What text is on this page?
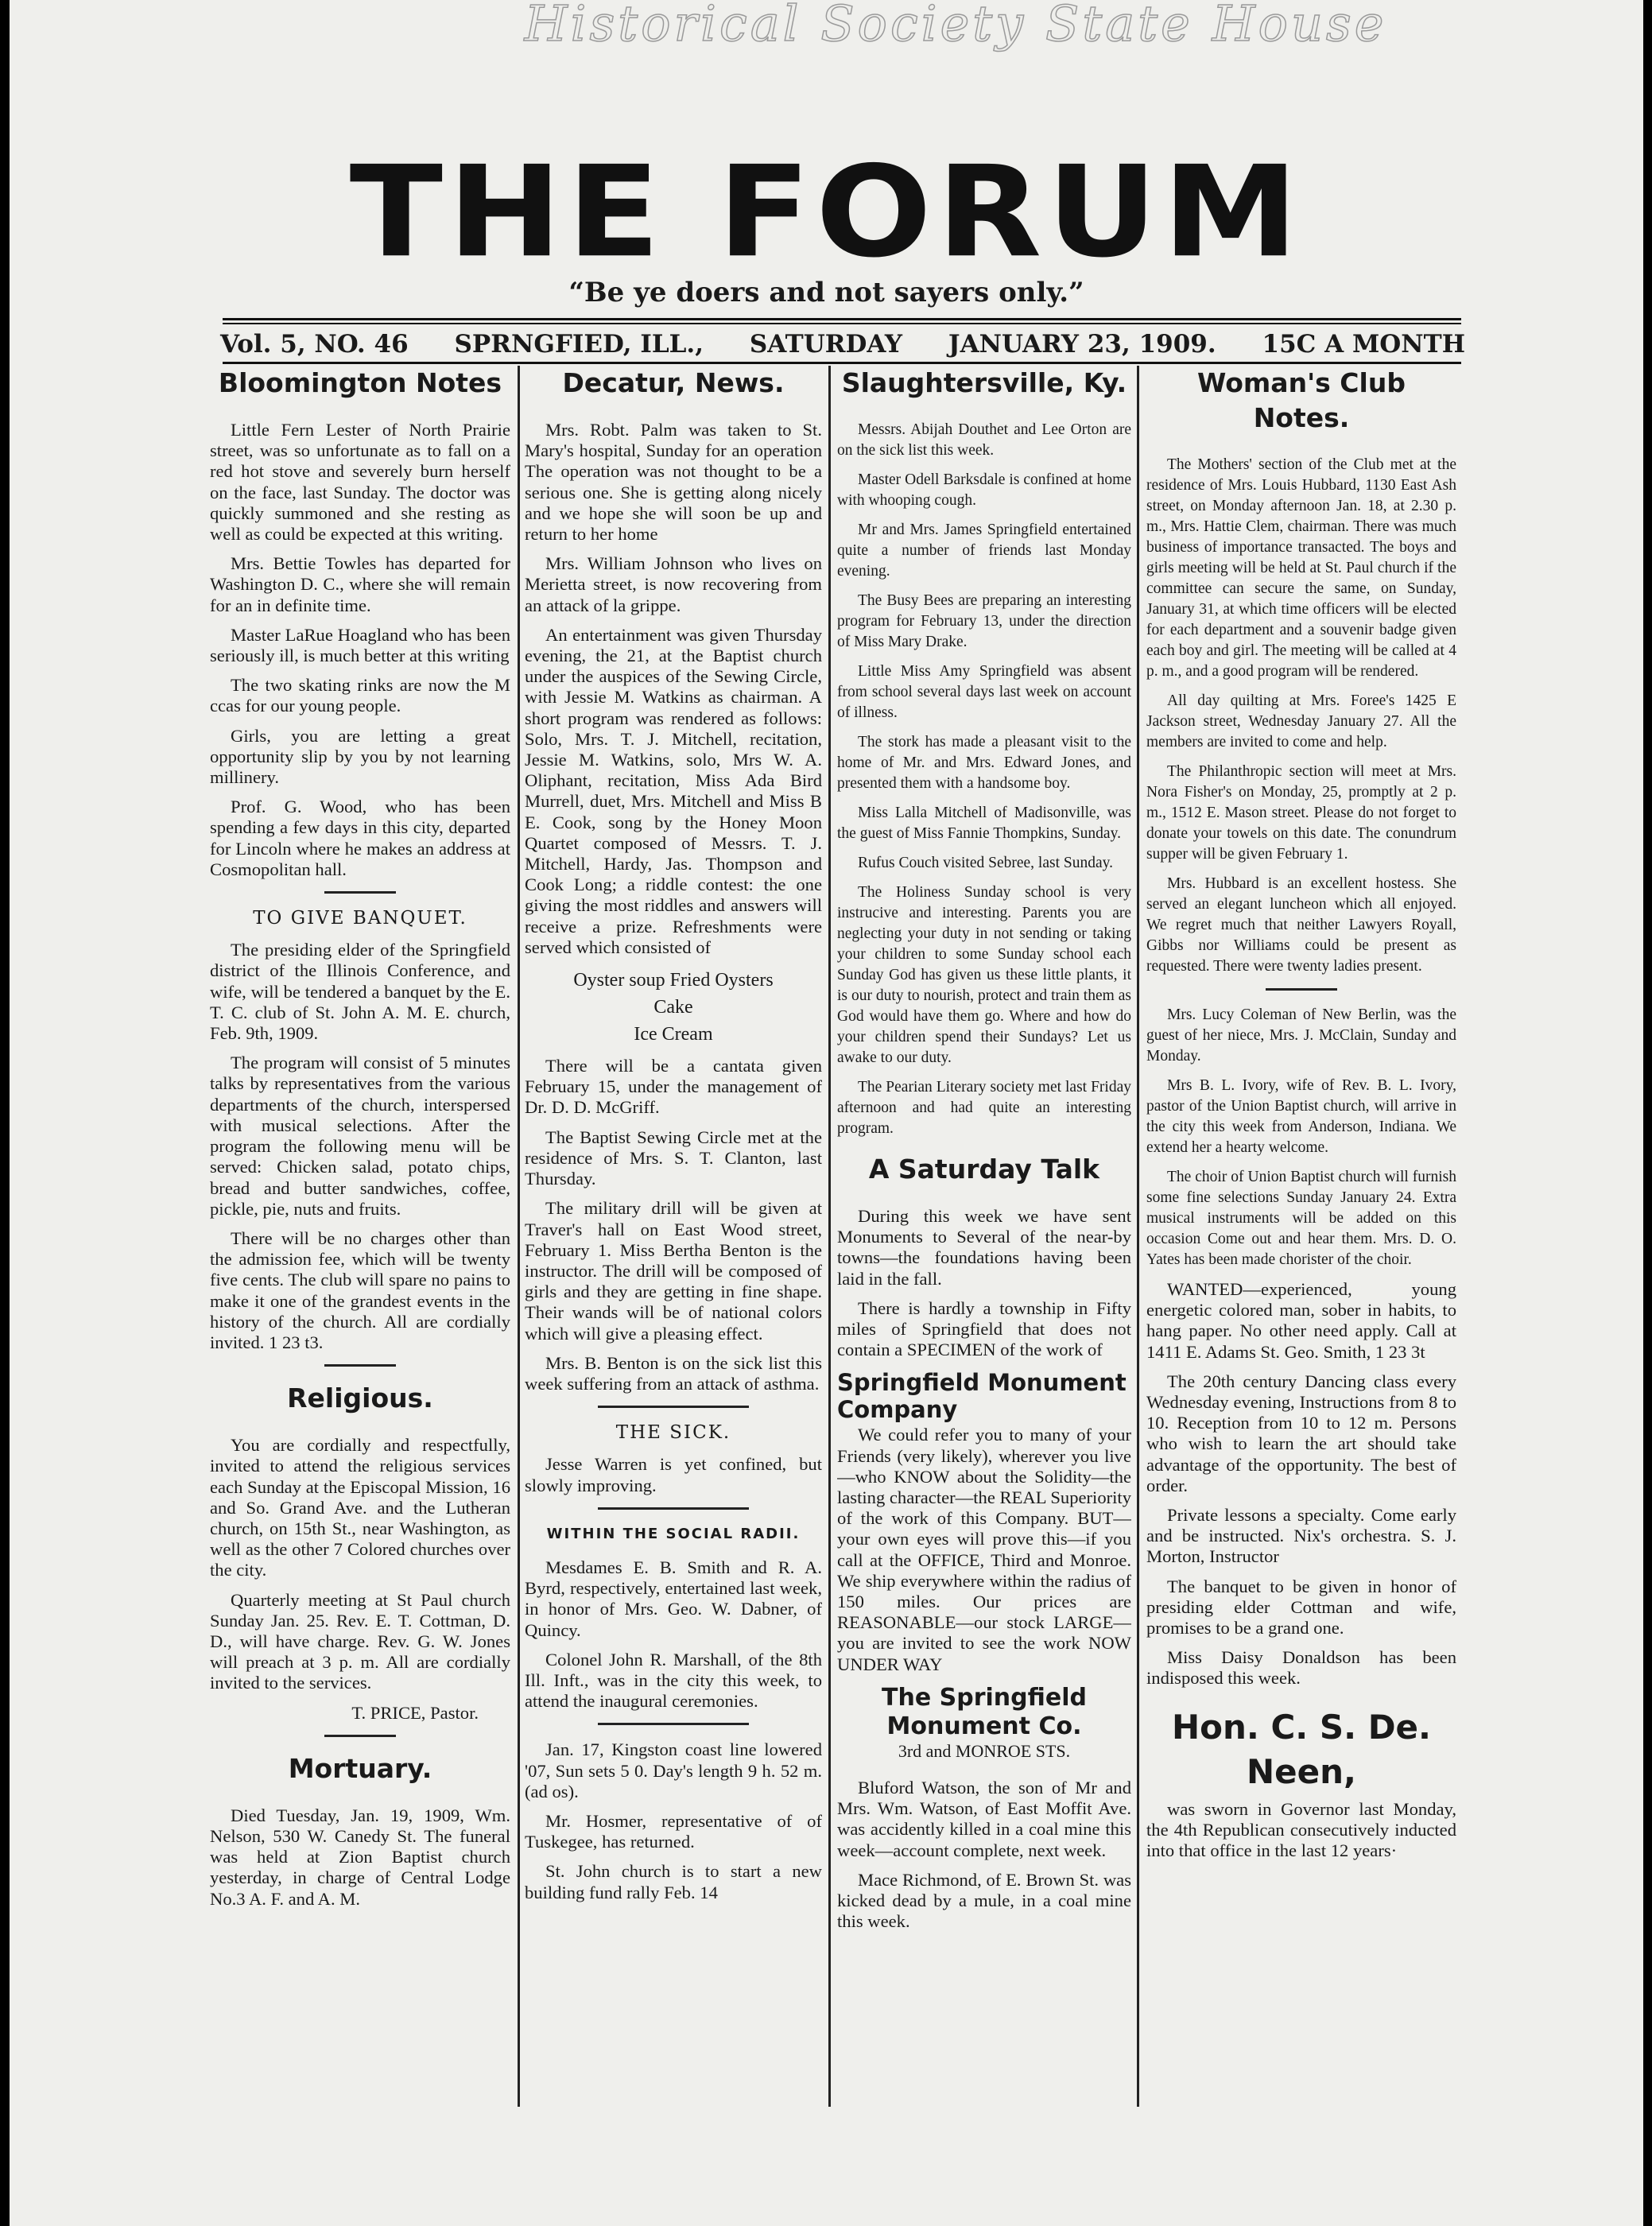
Historical Society State House
THE FORUM
“Be ye doers and not sayers only.”
Vol. 5, NO. 46 SPRNGFIED, ILL., SATURDAY JANUARY 23, 1909. 15C A MONTH
Bloomington Notes

Little Fern Lester of North Prairie street, was so unfortunate as to fall on a red hot stove and severely burn herself on the face, last Sunday. The doctor was quickly summoned and she resting as well as could be expected at this writing.

Mrs. Bettie Towles has departed for Washington D. C., where she will remain for an in definite time.

Master LaRue Hoagland who has been seriously ill, is much better at this writing

The two skating rinks are now the M ccas for our young people.

Girls, you are letting a great opportunity slip by you by not learning millinery.

Prof. G. Wood, who has been spending a few days in this city, departed for Lincoln where he makes an address at Cosmopolitan hall.

TO GIVE BANQUET.

The presiding elder of the Springfield district of the Illinois Conference, and wife, will be tendered a banquet by the E. T. C. club of St. John A. M. E. church, Feb. 9th, 1909.

The program will consist of 5 minutes talks by representatives from the various departments of the church, interspersed with musical selections. After the program the following menu will be served: Chicken salad, potato chips, bread and butter sandwiches, coffee, pickle, pie, nuts and fruits.

There will be no charges other than the admission fee, which will be twenty five cents. The club will spare no pains to make it one of the grandest events in the history of the church. All are cordially invited. 1 23 t3.

Religious.

You are cordially and respectfully, invited to attend the religious services each Sunday at the Episcopal Mission, 16 and So. Grand Ave. and the Lutheran church, on 15th St., near Washington, as well as the other 7 Colored churches over the city.

Quarterly meeting at St Paul church Sunday Jan. 25. Rev. E. T. Cottman, D. D., will have charge. Rev. G. W. Jones will preach at 3 p. m. All are cordially invited to the services.

T. PRICE, Pastor.

Mortuary.

Died Tuesday, Jan. 19, 1909, Wm. Nelson, 530 W. Canedy St. The funeral was held at Zion Baptist church yesterday, in charge of Central Lodge No.3 A. F. and A. M.

Decatur, News.

Mrs. Robt. Palm was taken to St. Mary's hospital, Sunday for an operation The operation was not thought to be a serious one. She is getting along nicely and we hope she will soon be up and return to her home

Mrs. William Johnson who lives on Merietta street, is now recovering from an attack of la grippe.

An entertainment was given Thursday evening, the 21, at the Baptist church under the auspices of the Sewing Circle, with Jessie M. Watkins as chairman. A short program was rendered as follows: Solo, Mrs. T. J. Mitchell, recitation, Jessie M. Watkins, solo, Mrs W. A. Oliphant, recitation, Miss Ada Bird Murrell, duet, Mrs. Mitchell and Miss B E. Cook, song by the Honey Moon Quartet composed of Messrs. T. J. Mitchell, Hardy, Jas. Thompson and Cook Long; a riddle contest: the one giving the most riddles and answers will receive a prize. Refreshments were served which consisted of

Oyster soup Fried Oysters
Cake
Ice Cream

There will be a cantata given February 15, under the management of Dr. D. D. McGriff.

The Baptist Sewing Circle met at the residence of Mrs. S. T. Clanton, last Thursday.

The military drill will be given at Traver's hall on East Wood street, February 1. Miss Bertha Benton is the instructor. The drill will be composed of girls and they are getting in fine shape. Their wands will be of national colors which will give a pleasing effect.

Mrs. B. Benton is on the sick list this week suffering from an attack of asthma.

THE SICK.

Jesse Warren is yet confined, but slowly improving.

WITHIN THE SOCIAL RADII.

Mesdames E. B. Smith and R. A. Byrd, respectively, entertained last week, in honor of Mrs. Geo. W. Dabner, of Quincy.

Colonel John R. Marshall, of the 8th Ill. Inft., was in the city this week, to attend the inaugural ceremonies.

Jan. 17, Kingston coast line lowered '07, Sun sets 5 0. Day's length 9 h. 52 m. (ad os).

Mr. Hosmer, representative of of Tuskegee, has returned.

St. John church is to start a new building fund rally Feb. 14

Slaughtersville, Ky.

Messrs. Abijah Douthet and Lee Orton are on the sick list this week.

Master Odell Barksdale is confined at home with whooping cough.

Mr and Mrs. James Springfield entertained quite a number of friends last Monday evening.

The Busy Bees are preparing an interesting program for February 13, under the direction of Miss Mary Drake.

Little Miss Amy Springfield was absent from school several days last week on account of illness.

The stork has made a pleasant visit to the home of Mr. and Mrs. Edward Jones, and presented them with a handsome boy.

Miss Lalla Mitchell of Madisonville, was the guest of Miss Fannie Thompkins, Sunday.

Rufus Couch visited Sebree, last Sunday.

The Holiness Sunday school is very instrucive and interesting. Parents you are neglecting your duty in not sending or taking your children to some Sunday school each Sunday God has given us these little plants, it is our duty to nourish, protect and train them as God would have them go. Where and how do your children spend their Sundays? Let us awake to our duty.

The Pearian Literary society met last Friday afternoon and had quite an interesting program.

A Saturday Talk

During this week we have sent Monuments to Several of the near-by towns—the foundations having been laid in the fall.

There is hardly a township in Fifty miles of Springfield that does not contain a SPECIMEN of the work of

Springfield Monument Company

We could refer you to many of your Friends (very likely), wherever you live—who KNOW about the Solidity—the lasting character—the REAL Superiority of the work of this Company. BUT—your own eyes will prove this—if you call at the OFFICE, Third and Monroe. We ship everywhere within the radius of 150 miles. Our prices are REASONABLE—our stock LARGE—you are invited to see the work NOW UNDER WAY

The Springfield Monument Co.
3rd and MONROE STS.

Bluford Watson, the son of Mr and Mrs. Wm. Watson, of East Moffit Ave. was accidently killed in a coal mine this week—account complete, next week.

Mace Richmond, of E. Brown St. was kicked dead by a mule, in a coal mine this week.

Woman's Club Notes.

The Mothers' section of the Club met at the residence of Mrs. Louis Hubbard, 1130 East Ash street, on Monday afternoon Jan. 18, at 2.30 p. m., Mrs. Hattie Clem, chairman. There was much business of importance transacted. The boys and girls meeting will be held at St. Paul church if the committee can secure the same, on Sunday, January 31, at which time officers will be elected for each department and a souvenir badge given each boy and girl. The meeting will be called at 4 p. m., and a good program will be rendered.

All day quilting at Mrs. Foree's 1425 E Jackson street, Wednesday January 27. All the members are invited to come and help.

The Philanthropic section will meet at Mrs. Nora Fisher's on Monday, 25, promptly at 2 p. m., 1512 E. Mason street. Please do not forget to donate your towels on this date. The conundrum supper will be given February 1.

Mrs. Hubbard is an excellent hostess. She served an elegant luncheon which all enjoyed. We regret much that neither Lawyers Royall, Gibbs nor Williams could be present as requested. There were twenty ladies present.

Mrs. Lucy Coleman of New Berlin, was the guest of her niece, Mrs. J. McClain, Sunday and Monday.

Mrs B. L. Ivory, wife of Rev. B. L. Ivory, pastor of the Union Baptist church, will arrive in the city this week from Anderson, Indiana. We extend her a hearty welcome.

The choir of Union Baptist church will furnish some fine selections Sunday January 24. Extra musical instruments will be added on this occasion Come out and hear them. Mrs. D. O. Yates has been made chorister of the choir.

WANTED—experienced, young energetic colored man, sober in habits, to hang paper. No other need apply. Call at 1411 E. Adams St. Geo. Smith, 1 23 3t

The 20th century Dancing class every Wednesday evening, Instructions from 8 to 10. Reception from 10 to 12 m. Persons who wish to learn the art should take advantage of the opportunity. The best of order.

Private lessons a specialty. Come early and be instructed. Nix's orchestra. S. J. Morton, Instructor

The banquet to be given in honor of presiding elder Cottman and wife, promises to be a grand one.

Miss Daisy Donaldson has been indisposed this week.

Hon. C. S. De. Neen,

was sworn in Governor last Monday, the 4th Republican consecutively inducted into that office in the last 12 years·
